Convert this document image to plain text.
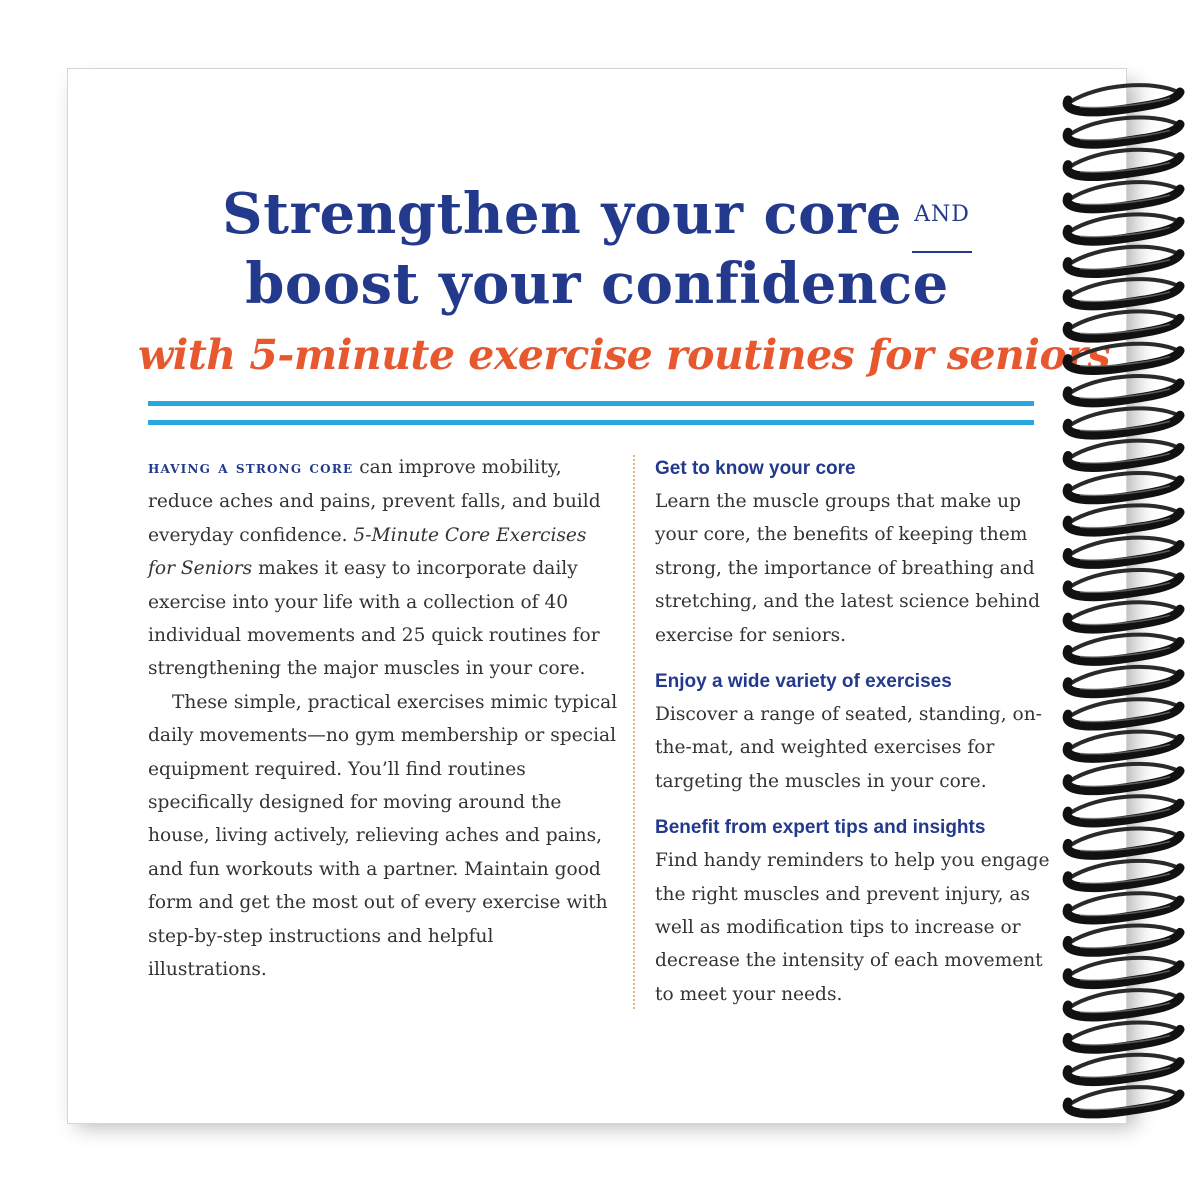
Strengthen your core AND
boost your confidence
with 5-minute exercise routines for seniors

having a strong core can improve mobility, reduce aches and pains, prevent falls, and build everyday confidence. 5-Minute Core Exercises for Seniors makes it easy to incorporate daily exercise into your life with a collection of 40 individual movements and 25 quick routines for strengthening the major muscles in your core.

These simple, practical exercises mimic typical daily movements—no gym membership or special equipment required. You’ll find routines specifically designed for moving around the house, living actively, relieving aches and pains, and fun workouts with a partner. Maintain good form and get the most out of every exercise with step-by-step instructions and helpful illustrations.

Get to know your core

Learn the muscle groups that make up your core, the benefits of keeping them strong, the importance of breathing and stretching, and the latest science behind exercise for seniors.

Enjoy a wide variety of exercises

Discover a range of seated, standing, on-the-mat, and weighted exercises for targeting the muscles in your core.

Benefit from expert tips and insights

Find handy reminders to help you engage the right muscles and prevent injury, as well as modification tips to increase or decrease the intensity of each movement to meet your needs.
